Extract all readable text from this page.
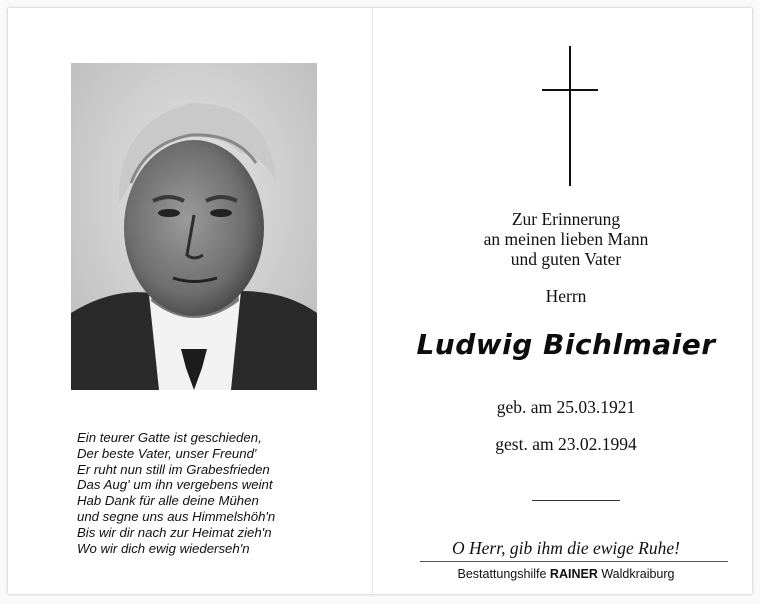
Ein teurer Gatte ist geschieden,
Der beste Vater, unser Freund'
Er ruht nun still im Grabesfrieden
Das Aug' um ihn vergebens weint
Hab Dank für alle deine Mühen
und segne uns aus Himmelshöh'n
Bis wir dir nach zur Heimat zieh'n
Wo wir dich ewig wiederseh'n
Zur Erinnerung
an meinen lieben Mann
und guten Vater
Herrn
Ludwig Bichlmaier
geb. am 25.03.1921
gest. am 23.02.1994
O Herr, gib ihm die ewige Ruhe!
Bestattungshilfe RAINER Waldkraiburg
